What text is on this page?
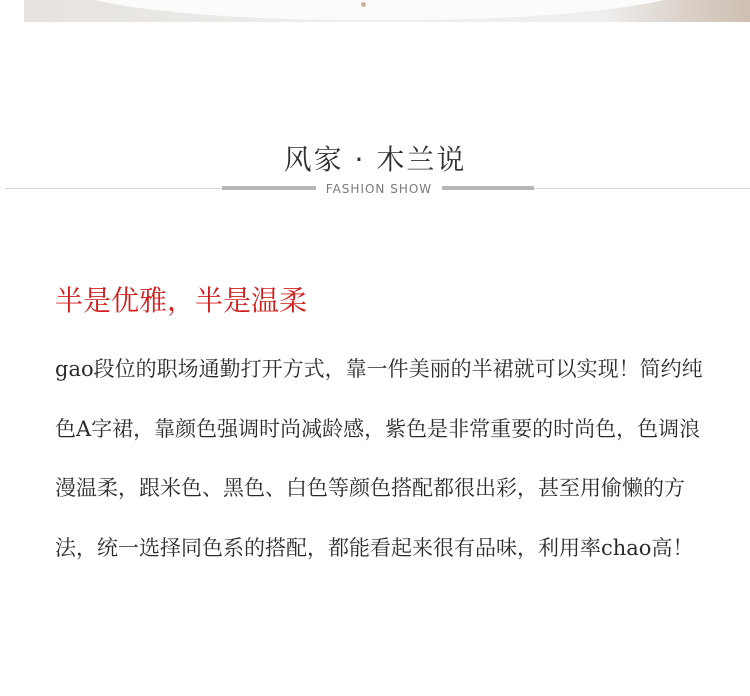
风家 · 木兰说
FASHION SHOW
半是优雅，半是温柔
gao段位的职场通勤打开方式，靠一件美丽的半裙就可以实现！简约纯色A字裙，靠颜色强调时尚减龄感，紫色是非常重要的时尚色，色调浪漫温柔，跟米色、黑色、白色等颜色搭配都很出彩，甚至用偷懒的方法，统一选择同色系的搭配，都能看起来很有品味，利用率chao高！
